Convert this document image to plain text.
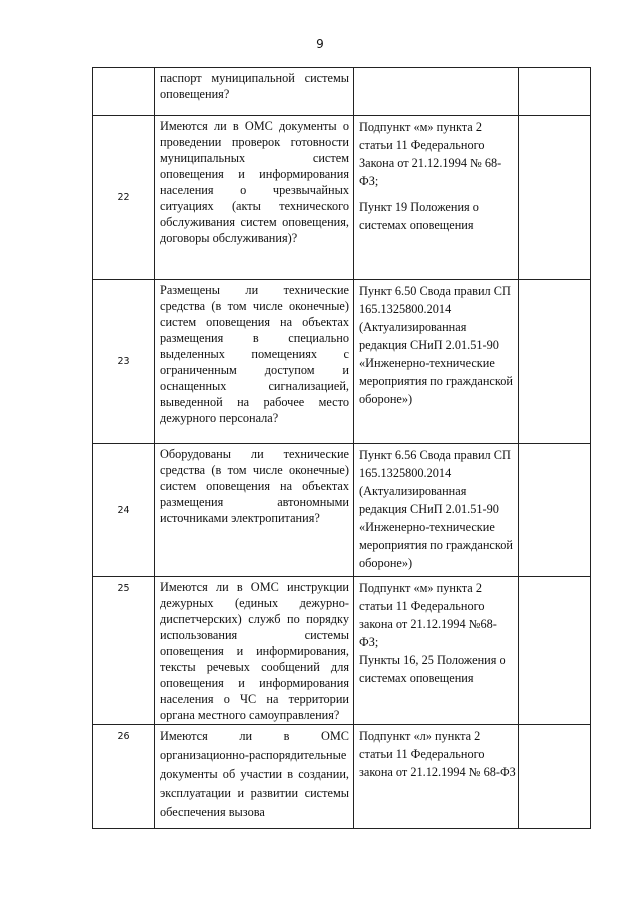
9

	паспорт муниципальной системы оповещения?		

22	Имеются ли в ОМС документы о проведении проверок готовности муниципальных систем оповещения и информирования населения о чрезвычайных ситуациях (акты технического обслуживания систем оповещения, договоры обслуживания)?	Подпункт «м» пункта 2 статьи 11 Федерального Закона от 21.12.1994 № 68-ФЗ;

Пункт 19 Положения о системах оповещения	

23	Размещены ли технические средства (в том числе оконечные) систем оповещения на объектах размещения в специально выделенных помещениях с ограниченным доступом и оснащенных сигнализацией, выведенной на рабочее место дежурного персонала?	Пункт 6.50 Свода правил СП 165.1325800.2014 (Актуализированная редакция СНиП 2.01.51-90 «Инженерно-технические мероприятия по гражданской обороне»)	

24	Оборудованы ли технические средства (в том числе оконечные) систем оповещения на объектах размещения автономными источниками электропитания?	Пункт 6.56 Свода правил СП 165.1325800.2014 (Актуализированная редакция СНиП 2.01.51-90 «Инженерно-технические мероприятия по гражданской обороне»)	

25	Имеются ли в ОМС инструкции дежурных (единых дежурно-диспетчерских) служб по порядку использования системы оповещения и информирования, тексты речевых сообщений для оповещения и информирования населения о ЧС на территории органа местного самоуправления?	Подпункт «м» пункта 2 статьи 11 Федерального закона от 21.12.1994 №68-ФЗ;

Пункты 16, 25 Положения о системах оповещения	

26	Имеются ли в ОМС организационно-распорядительные документы об участии в создании, эксплуатации и развитии системы обеспечения вызова	Подпункт «л» пункта 2 статьи 11 Федерального закона от 21.12.1994 № 68-ФЗ	
